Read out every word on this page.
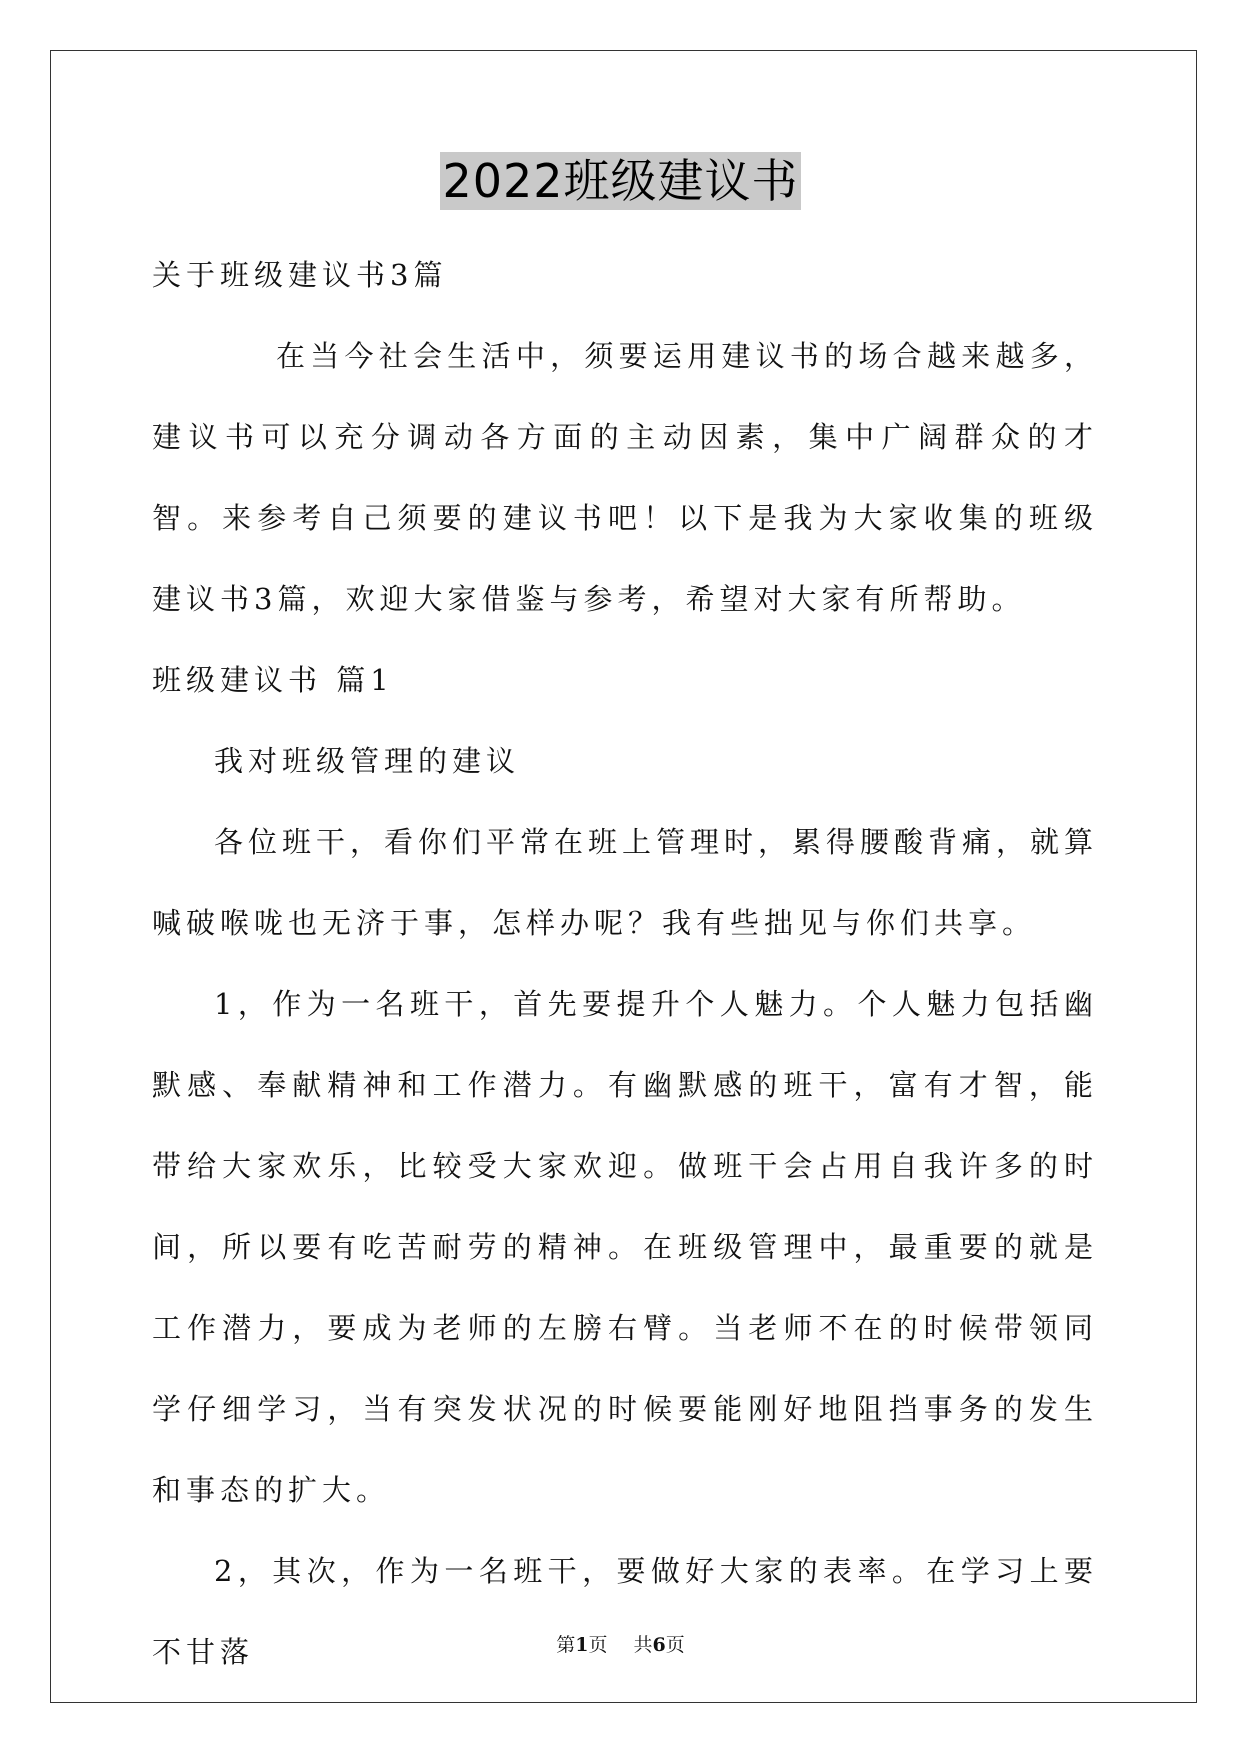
2022班级建议书

关于班级建议书3篇

在当今社会生活中，须要运用建议书的场合越来越多，建议书可以充分调动各方面的主动因素，集中广阔群众的才智。来参考自己须要的建议书吧！以下是我为大家收集的班级建议书3篇，欢迎大家借鉴与参考，希望对大家有所帮助。

班级建议书 篇1

我对班级管理的建议

各位班干，看你们平常在班上管理时，累得腰酸背痛，就算喊破喉咙也无济于事，怎样办呢？我有些拙见与你们共享。

1，作为一名班干，首先要提升个人魅力。个人魅力包括幽默感、奉献精神和工作潜力。有幽默感的班干，富有才智，能带给大家欢乐，比较受大家欢迎。做班干会占用自我许多的时间，所以要有吃苦耐劳的精神。在班级管理中，最重要的就是工作潜力，要成为老师的左膀右臂。当老师不在的时候带领同学仔细学习，当有突发状况的时候要能刚好地阻挡事务的发生和事态的扩大。

2，其次，作为一名班干，要做好大家的表率。在学习上要不甘落	第1页 共6页
